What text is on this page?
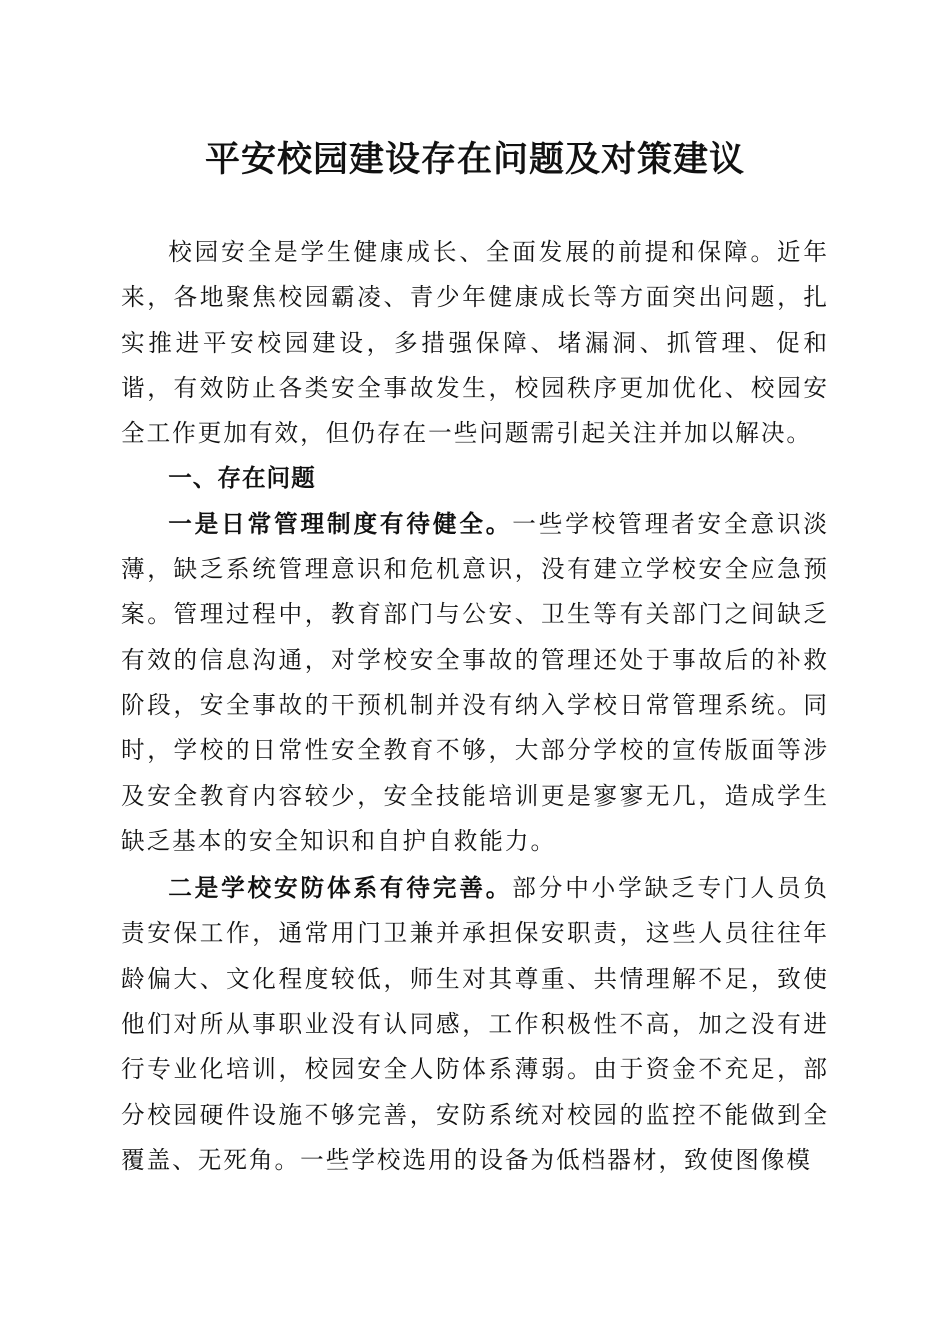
平安校园建设存在问题及对策建议

校园安全是学生健康成长、全面发展的前提和保障。近年来，各地聚焦校园霸凌、青少年健康成长等方面突出问题，扎实推进平安校园建设，多措强保障、堵漏洞、抓管理、促和谐，有效防止各类安全事故发生，校园秩序更加优化、校园安全工作更加有效，但仍存在一些问题需引起关注并加以解决。

一、存在问题

一是日常管理制度有待健全。一些学校管理者安全意识淡薄，缺乏系统管理意识和危机意识，没有建立学校安全应急预案。管理过程中，教育部门与公安、卫生等有关部门之间缺乏有效的信息沟通，对学校安全事故的管理还处于事故后的补救阶段，安全事故的干预机制并没有纳入学校日常管理系统。同时，学校的日常性安全教育不够，大部分学校的宣传版面等涉及安全教育内容较少，安全技能培训更是寥寥无几，造成学生缺乏基本的安全知识和自护自救能力。

二是学校安防体系有待完善。部分中小学缺乏专门人员负责安保工作，通常用门卫兼并承担保安职责，这些人员往往年龄偏大、文化程度较低，师生对其尊重、共情理解不足，致使他们对所从事职业没有认同感，工作积极性不高，加之没有进行专业化培训，校园安全人防体系薄弱。由于资金不充足，部分校园硬件设施不够完善，安防系统对校园的监控不能做到全覆盖、无死角。一些学校选用的设备为低档器材，致使图像模
